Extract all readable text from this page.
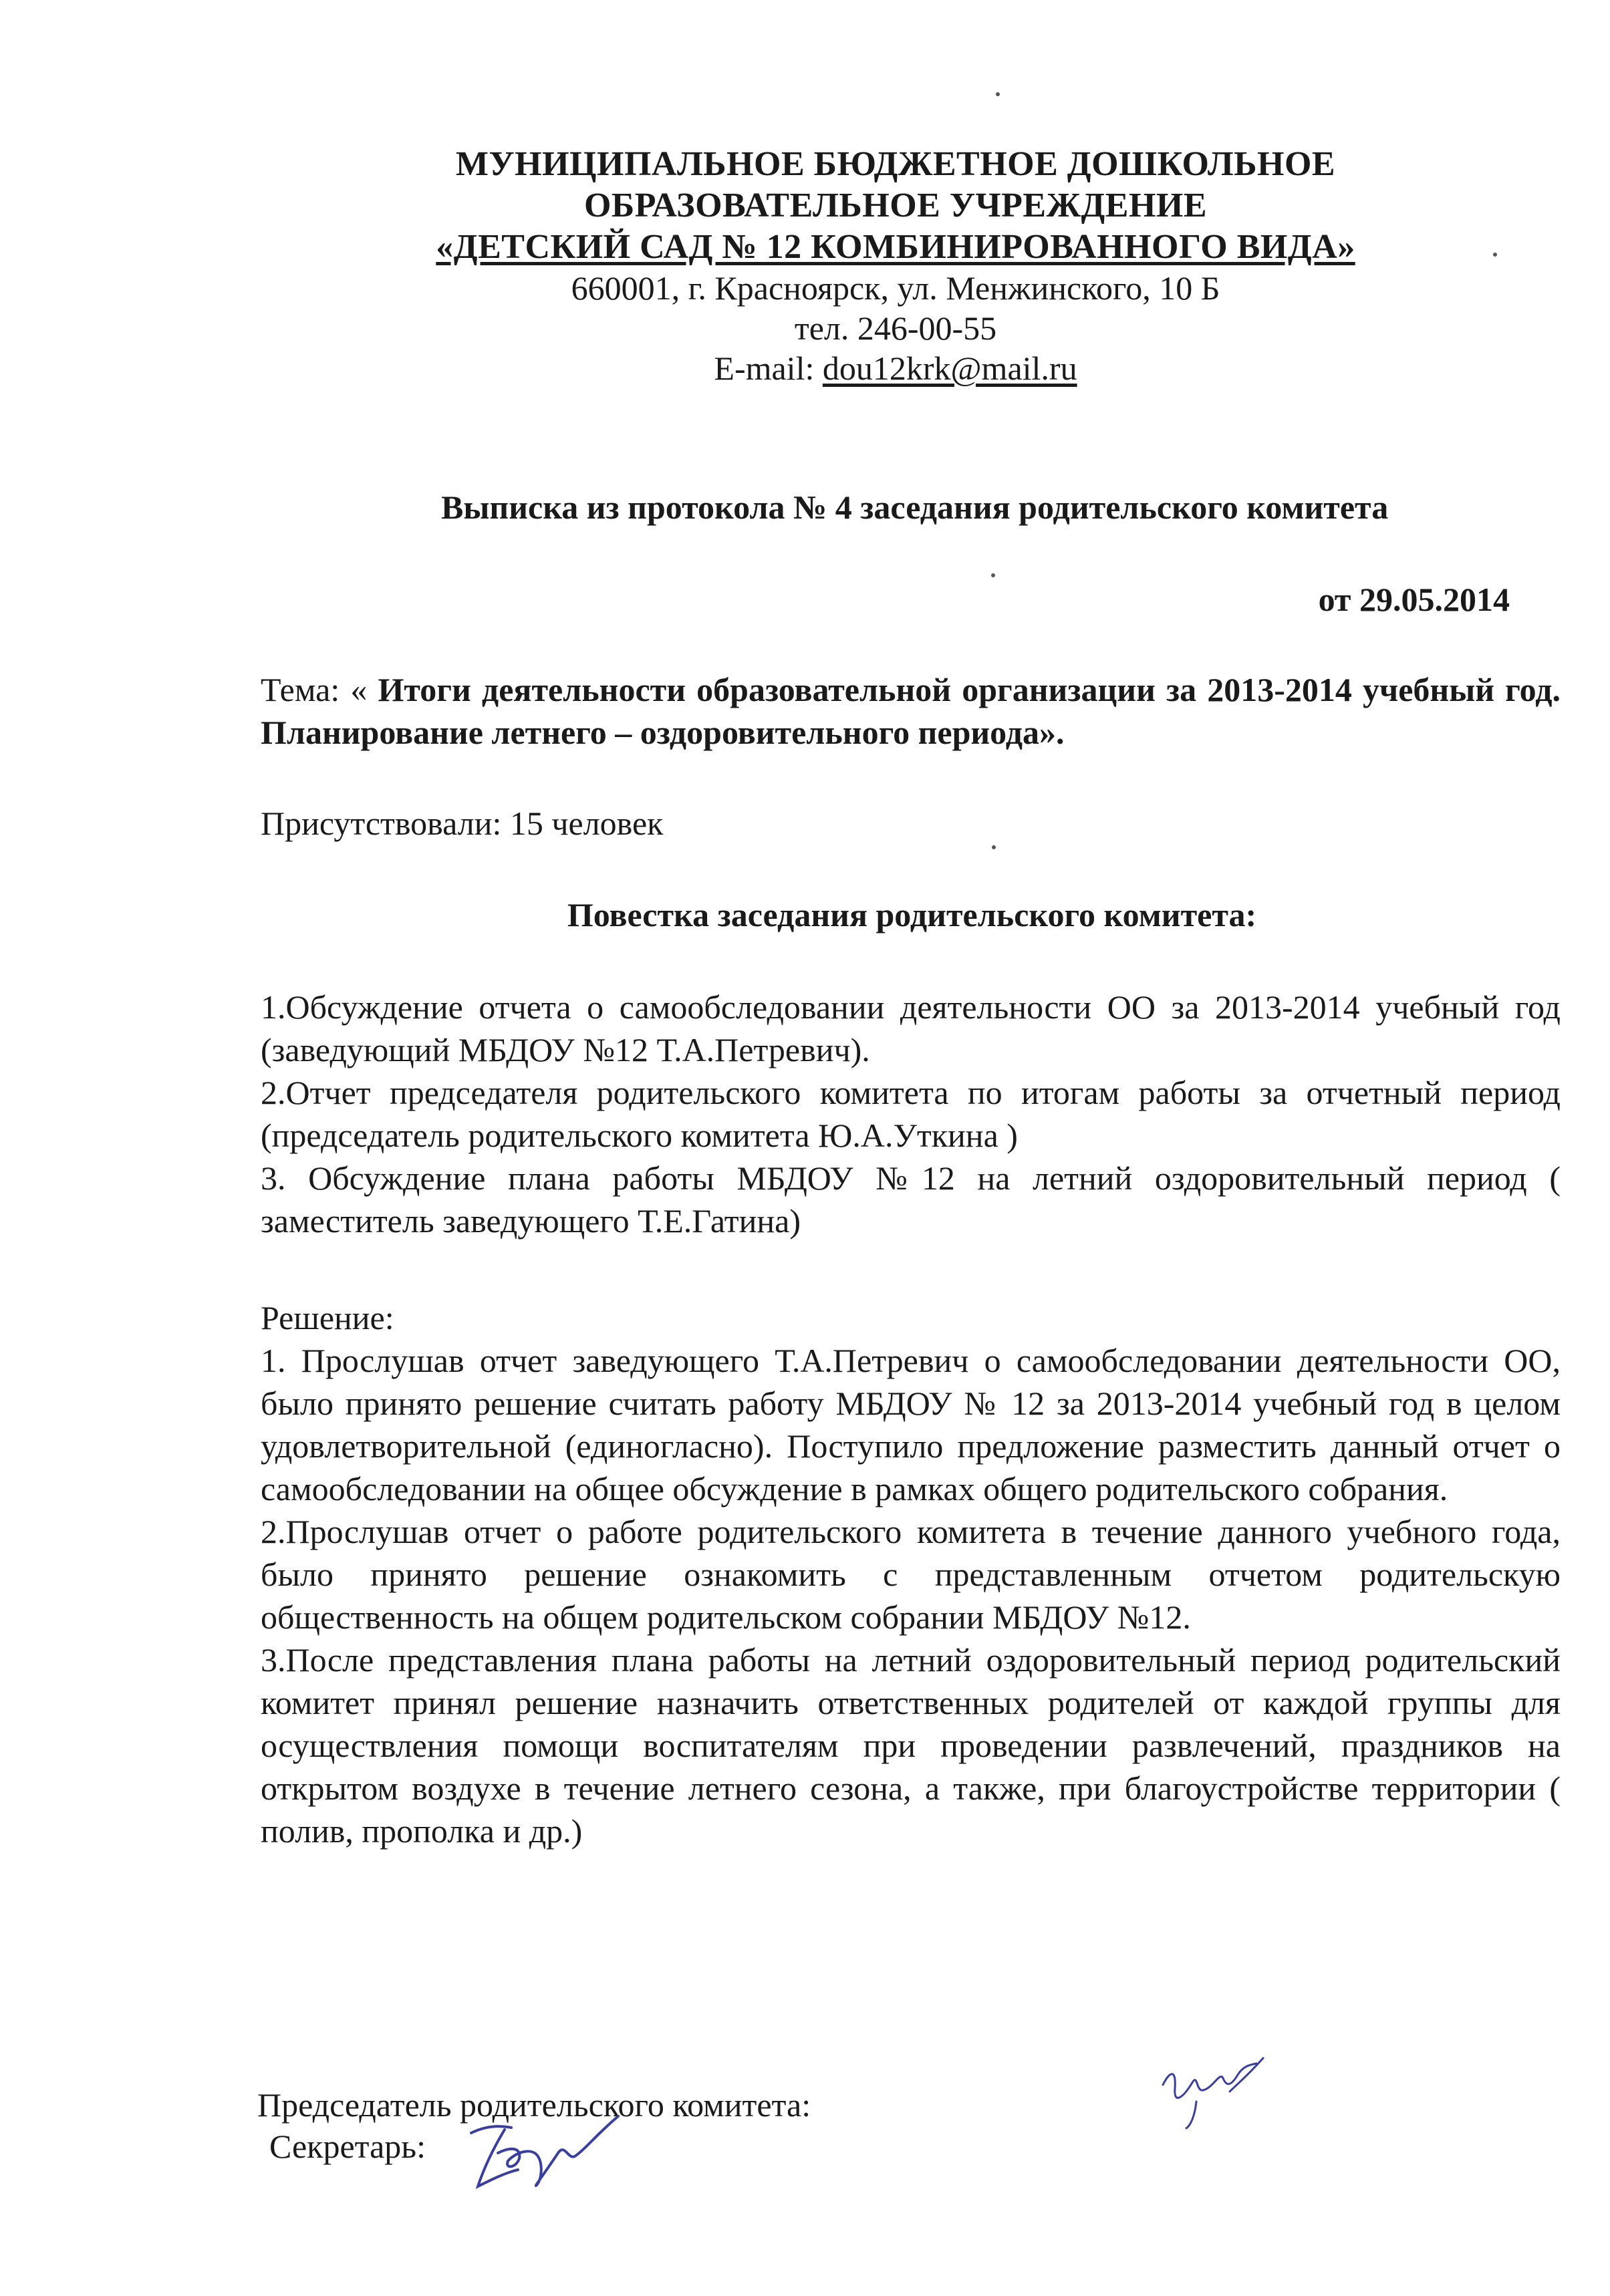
МУНИЦИПАЛЬНОЕ БЮДЖЕТНОЕ ДОШКОЛЬНОЕ
ОБРАЗОВАТЕЛЬНОЕ УЧРЕЖДЕНИЕ
«ДЕТСКИЙ САД № 12 КОМБИНИРОВАННОГО ВИДА»
660001, г. Красноярск, ул. Менжинского, 10 Б
тел. 246-00-55
E-mail: dou12krk@mail.ru
Выписка из протокола № 4 заседания родительского комитета
от 29.05.2014
Тема: « Итоги деятельности образовательной организации за 2013-2014 учебный год. Планирование летнего – оздоровительного периода».
Присутствовали: 15 человек
Повестка заседания родительского комитета:

1.Обсуждение отчета о самообследовании деятельности ОО за 2013-2014 учебный год (заведующий МБДОУ №12 Т.А.Петревич).

2.Отчет председателя родительского комитета по итогам работы за отчетный период (председатель родительского комитета Ю.А.Уткина )

3. Обсуждение плана работы МБДОУ №12 на летний оздоровительный период ( заместитель заведующего Т.Е.Гатина)

Решение:

1. Прослушав отчет заведующего Т.А.Петревич о самообследовании деятельности ОО, было принято решение считать работу МБДОУ № 12 за 2013-2014 учебный год в целом удовлетворительной (единогласно). Поступило предложение разместить данный отчет о самообследовании на общее обсуждение в рамках общего родительского собрания.

2.Прослушав отчет о работе родительского комитета в течение данного учебного года, было принято решение ознакомить с представленным отчетом родительскую общественность на общем родительском собрании МБДОУ №12.

3.После представления плана работы на летний оздоровительный период родительский комитет принял решение назначить ответственных родителей от каждой группы для осуществления помощи воспитателям при проведении развлечений, праздников на открытом воздухе в течение летнего сезона, а также, при благоустройстве территории ( полив, прополка и др.)

Председатель родительского комитета:
Секретарь:
